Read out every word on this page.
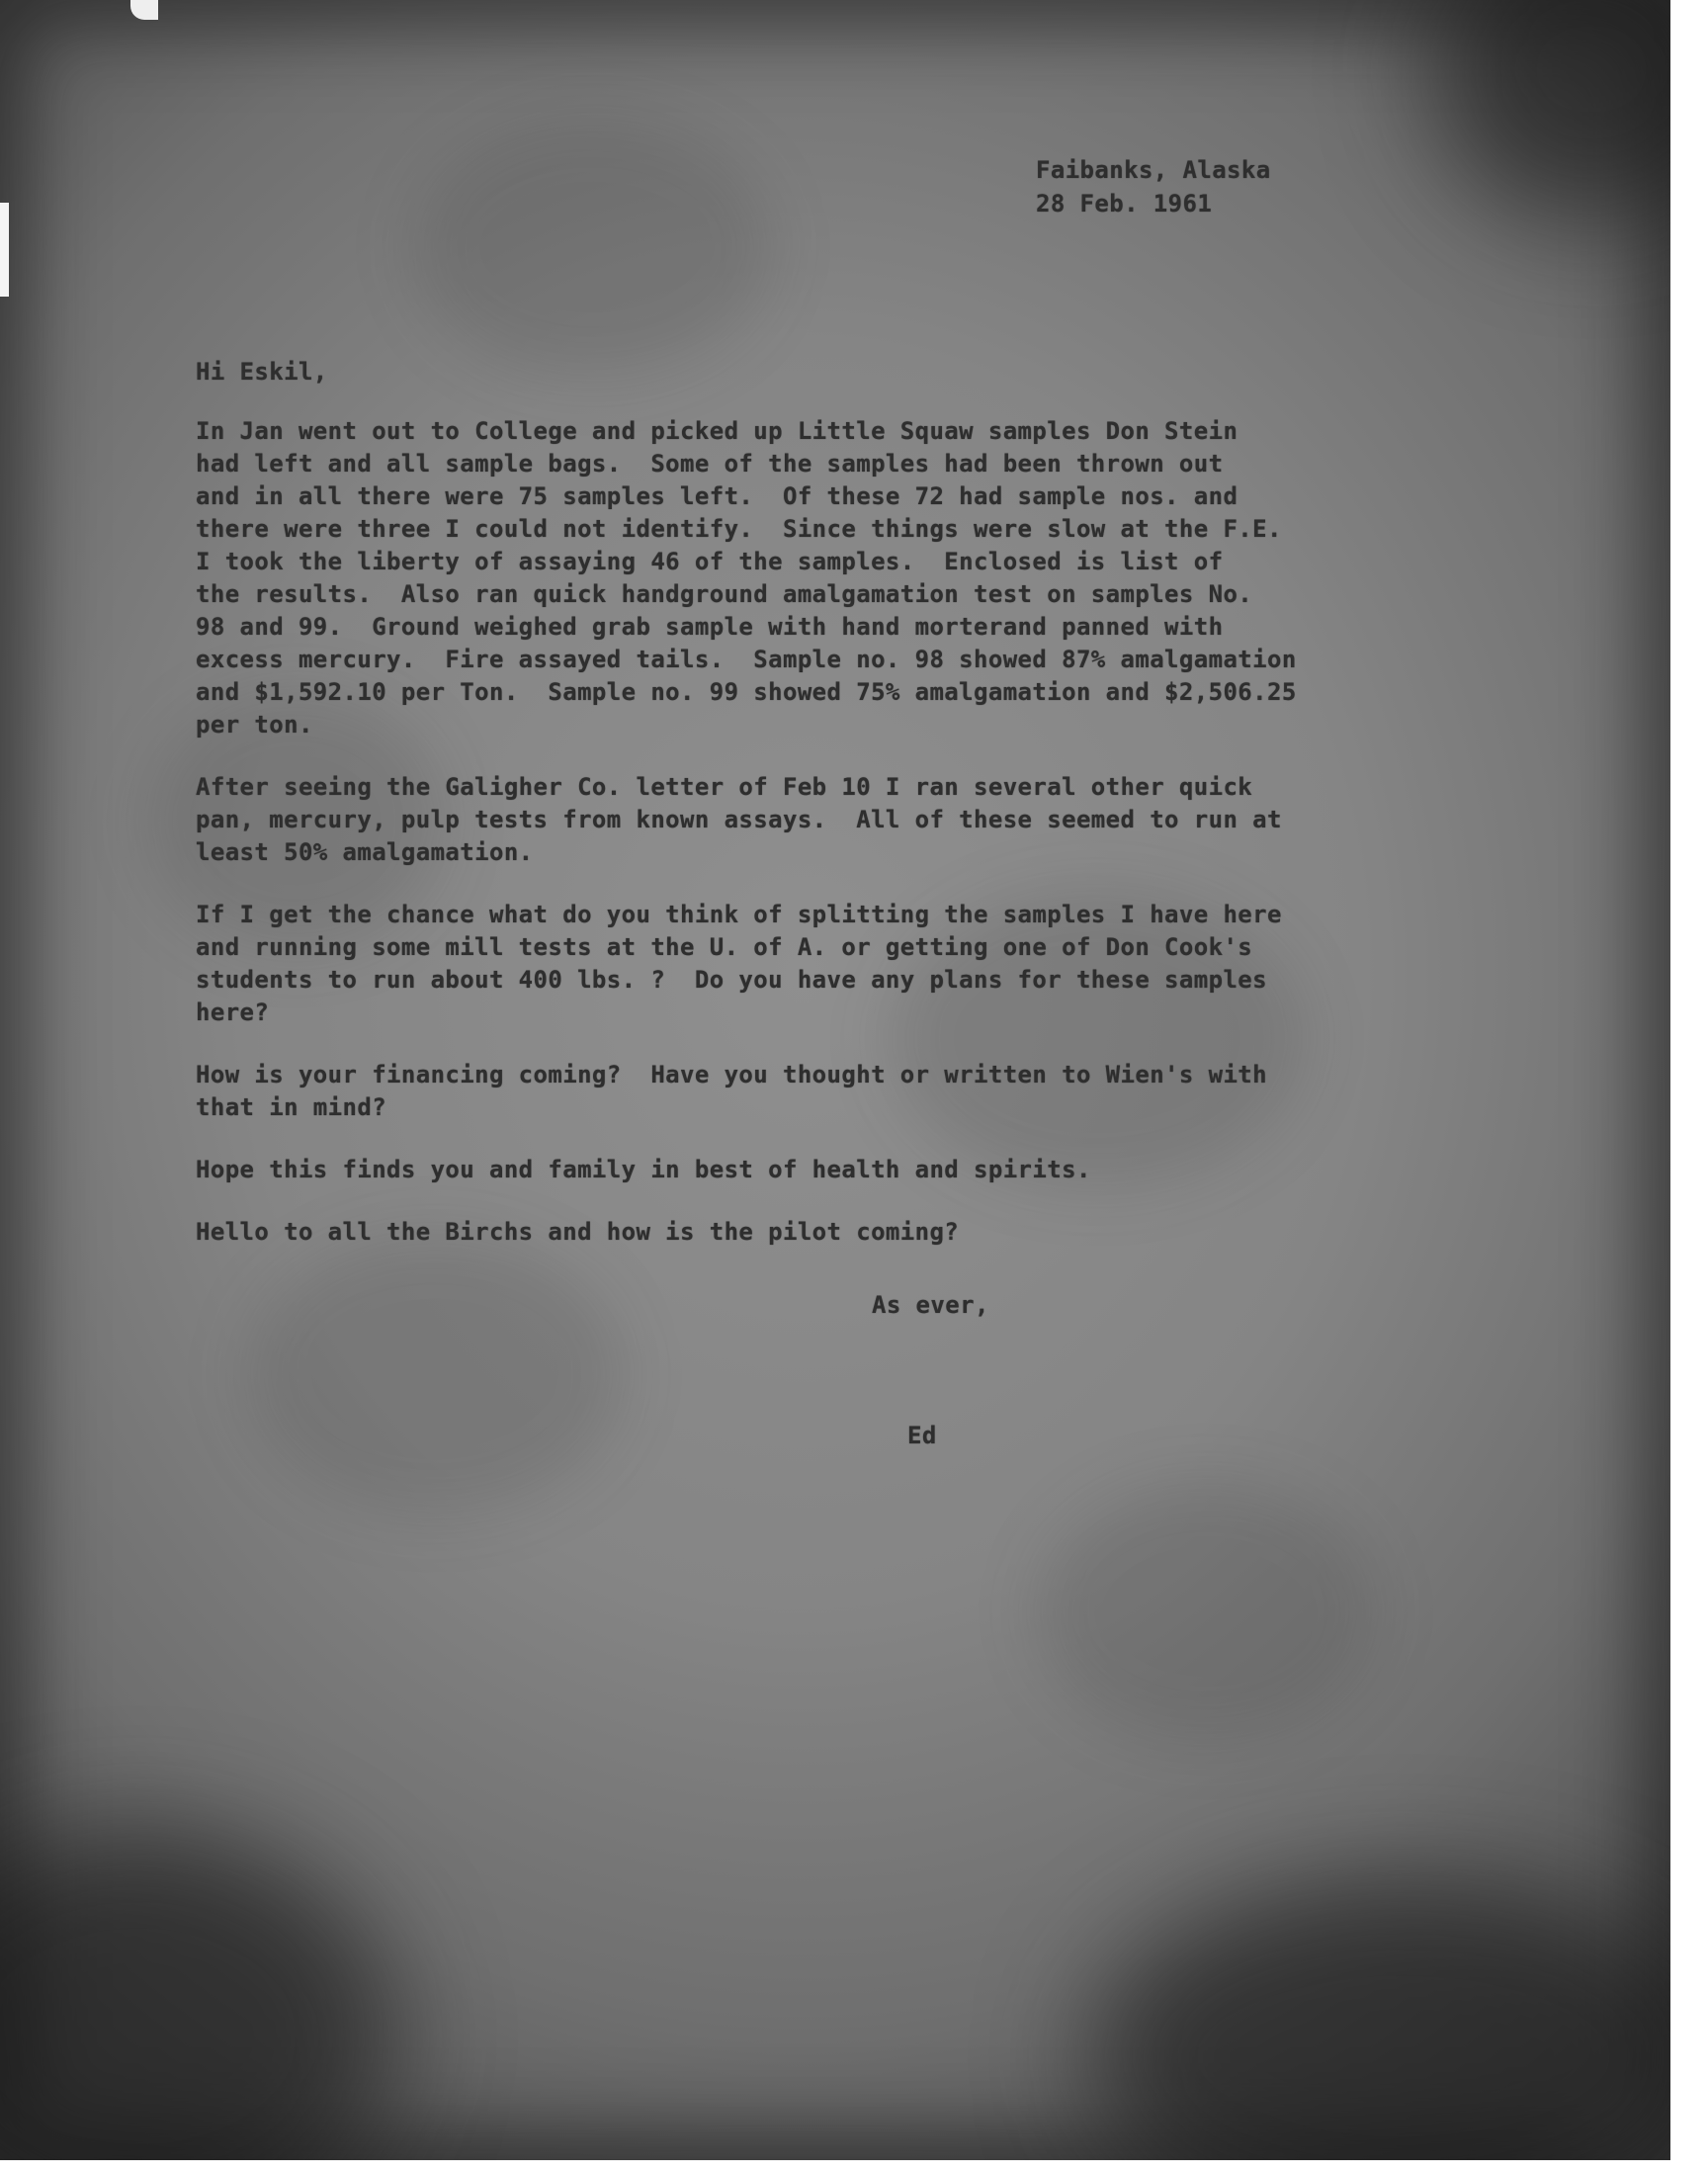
Faibanks, Alaska
28 Feb. 1961
Hi Eskil,
In Jan went out to College and picked up Little Squaw samples Don Stein
had left and all sample bags.  Some of the samples had been thrown out
and in all there were 75 samples left.  Of these 72 had sample nos. and
there were three I could not identify.  Since things were slow at the F.E.
I took the liberty of assaying 46 of the samples.  Enclosed is list of
the results.  Also ran quick handground amalgamation test on samples No.
98 and 99.  Ground weighed grab sample with hand morterand panned with
excess mercury.  Fire assayed tails.  Sample no. 98 showed 87% amalgamation
and $1,592.10 per Ton.  Sample no. 99 showed 75% amalgamation and $2,506.25
per ton.
After seeing the Galigher Co. letter of Feb 10 I ran several other quick
pan, mercury, pulp tests from known assays.  All of these seemed to run at
least 50% amalgamation.
If I get the chance what do you think of splitting the samples I have here
and running some mill tests at the U. of A. or getting one of Don Cook's
students to run about 400 lbs. ?  Do you have any plans for these samples
here?
How is your financing coming?  Have you thought or written to Wien's with
that in mind?
Hope this finds you and family in best of health and spirits.
Hello to all the Birchs and how is the pilot coming?
As ever,
Ed
